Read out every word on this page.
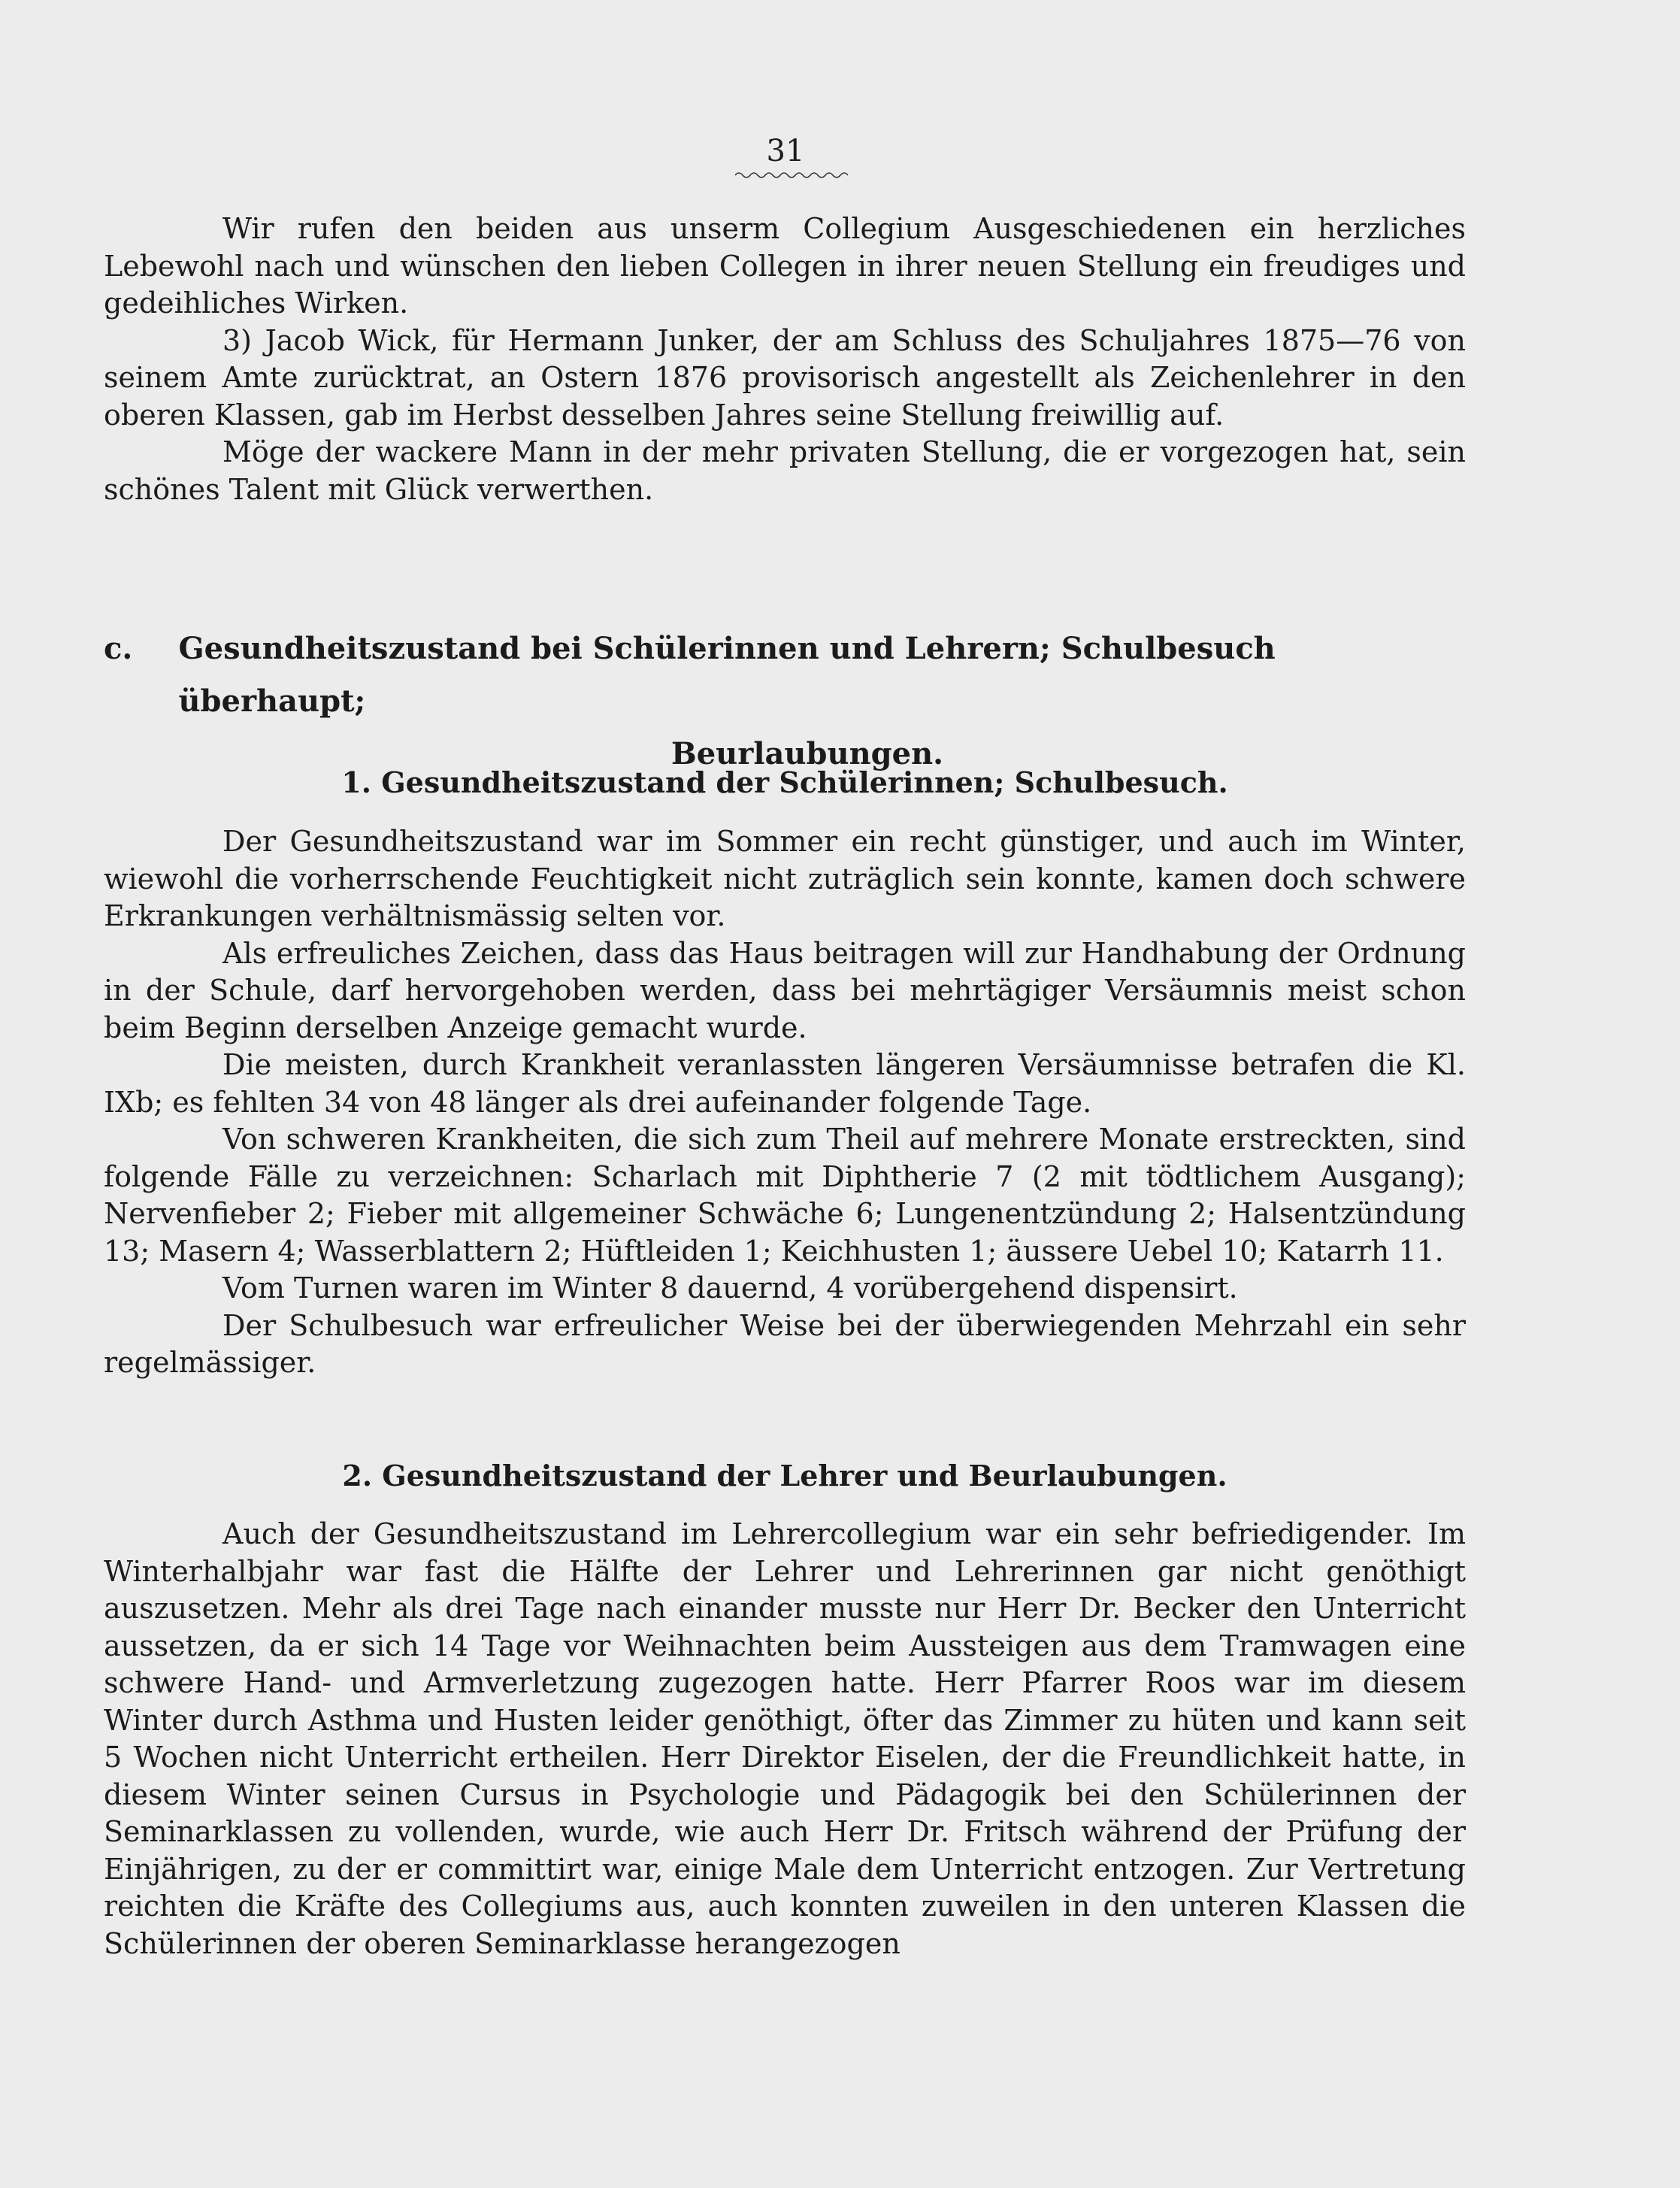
31

Wir rufen den beiden aus unserm Collegium Ausgeschiedenen ein herzliches Lebewohl nach und wünschen den lieben Collegen in ihrer neuen Stellung ein freudiges und gedeihliches Wirken.

3) Jacob Wick, für Hermann Junker, der am Schluss des Schuljahres 1875—76 von seinem Amte zurücktrat, an Ostern 1876 provisorisch angestellt als Zeichenlehrer in den oberen Klassen, gab im Herbst desselben Jahres seine Stellung freiwillig auf.

Möge der wackere Mann in der mehr privaten Stellung, die er vorgezogen hat, sein schönes Talent mit Glück verwerthen.

c.	Gesundheitszustand bei Schülerinnen und Lehrern; Schulbesuch überhaupt;
Beurlaubungen.
1. Gesundheitszustand der Schülerinnen; Schulbesuch.

Der Gesundheitszustand war im Sommer ein recht günstiger, und auch im Winter, wiewohl die vorherrschende Feuchtigkeit nicht zuträglich sein konnte, kamen doch schwere Erkrankungen verhältnismässig selten vor.

Als erfreuliches Zeichen, dass das Haus beitragen will zur Handhabung der Ordnung in der Schule, darf hervorgehoben werden, dass bei mehrtägiger Versäumnis meist schon beim Beginn derselben Anzeige gemacht wurde.

Die meisten, durch Krankheit veranlassten längeren Versäumnisse betrafen die Kl. IXb; es fehlten 34 von 48 länger als drei aufeinander folgende Tage.

Von schweren Krankheiten, die sich zum Theil auf mehrere Monate erstreckten, sind folgende Fälle zu verzeichnen: Scharlach mit Diphtherie 7 (2 mit tödtlichem Ausgang); Nervenfieber 2; Fieber mit allgemeiner Schwäche 6; Lungenentzündung 2; Halsentzündung 13; Masern 4; Wasserblattern 2; Hüftleiden 1; Keichhusten 1; äussere Uebel 10; Katarrh 11.

Vom Turnen waren im Winter 8 dauernd, 4 vorübergehend dispensirt.

Der Schulbesuch war erfreulicher Weise bei der überwiegenden Mehrzahl ein sehr regelmässiger.

2. Gesundheitszustand der Lehrer und Beurlaubungen.

Auch der Gesundheitszustand im Lehrercollegium war ein sehr befriedigender. Im Winterhalbjahr war fast die Hälfte der Lehrer und Lehrerinnen gar nicht genöthigt auszusetzen. Mehr als drei Tage nach einander musste nur Herr Dr. Becker den Unterricht aussetzen, da er sich 14 Tage vor Weihnachten beim Aussteigen aus dem Tramwagen eine schwere Hand- und Armverletzung zugezogen hatte. Herr Pfarrer Roos war im diesem Winter durch Asthma und Husten leider genöthigt, öfter das Zimmer zu hüten und kann seit 5 Wochen nicht Unterricht ertheilen. Herr Direktor Eiselen, der die Freundlichkeit hatte, in diesem Winter seinen Cursus in Psychologie und Pädagogik bei den Schülerinnen der Seminarklassen zu vollenden, wurde, wie auch Herr Dr. Fritsch während der Prüfung der Einjährigen, zu der er committirt war, einige Male dem Unterricht entzogen. Zur Vertretung reichten die Kräfte des Collegiums aus, auch konnten zuweilen in den unteren Klassen die Schülerinnen der oberen Seminarklasse herangezogen
